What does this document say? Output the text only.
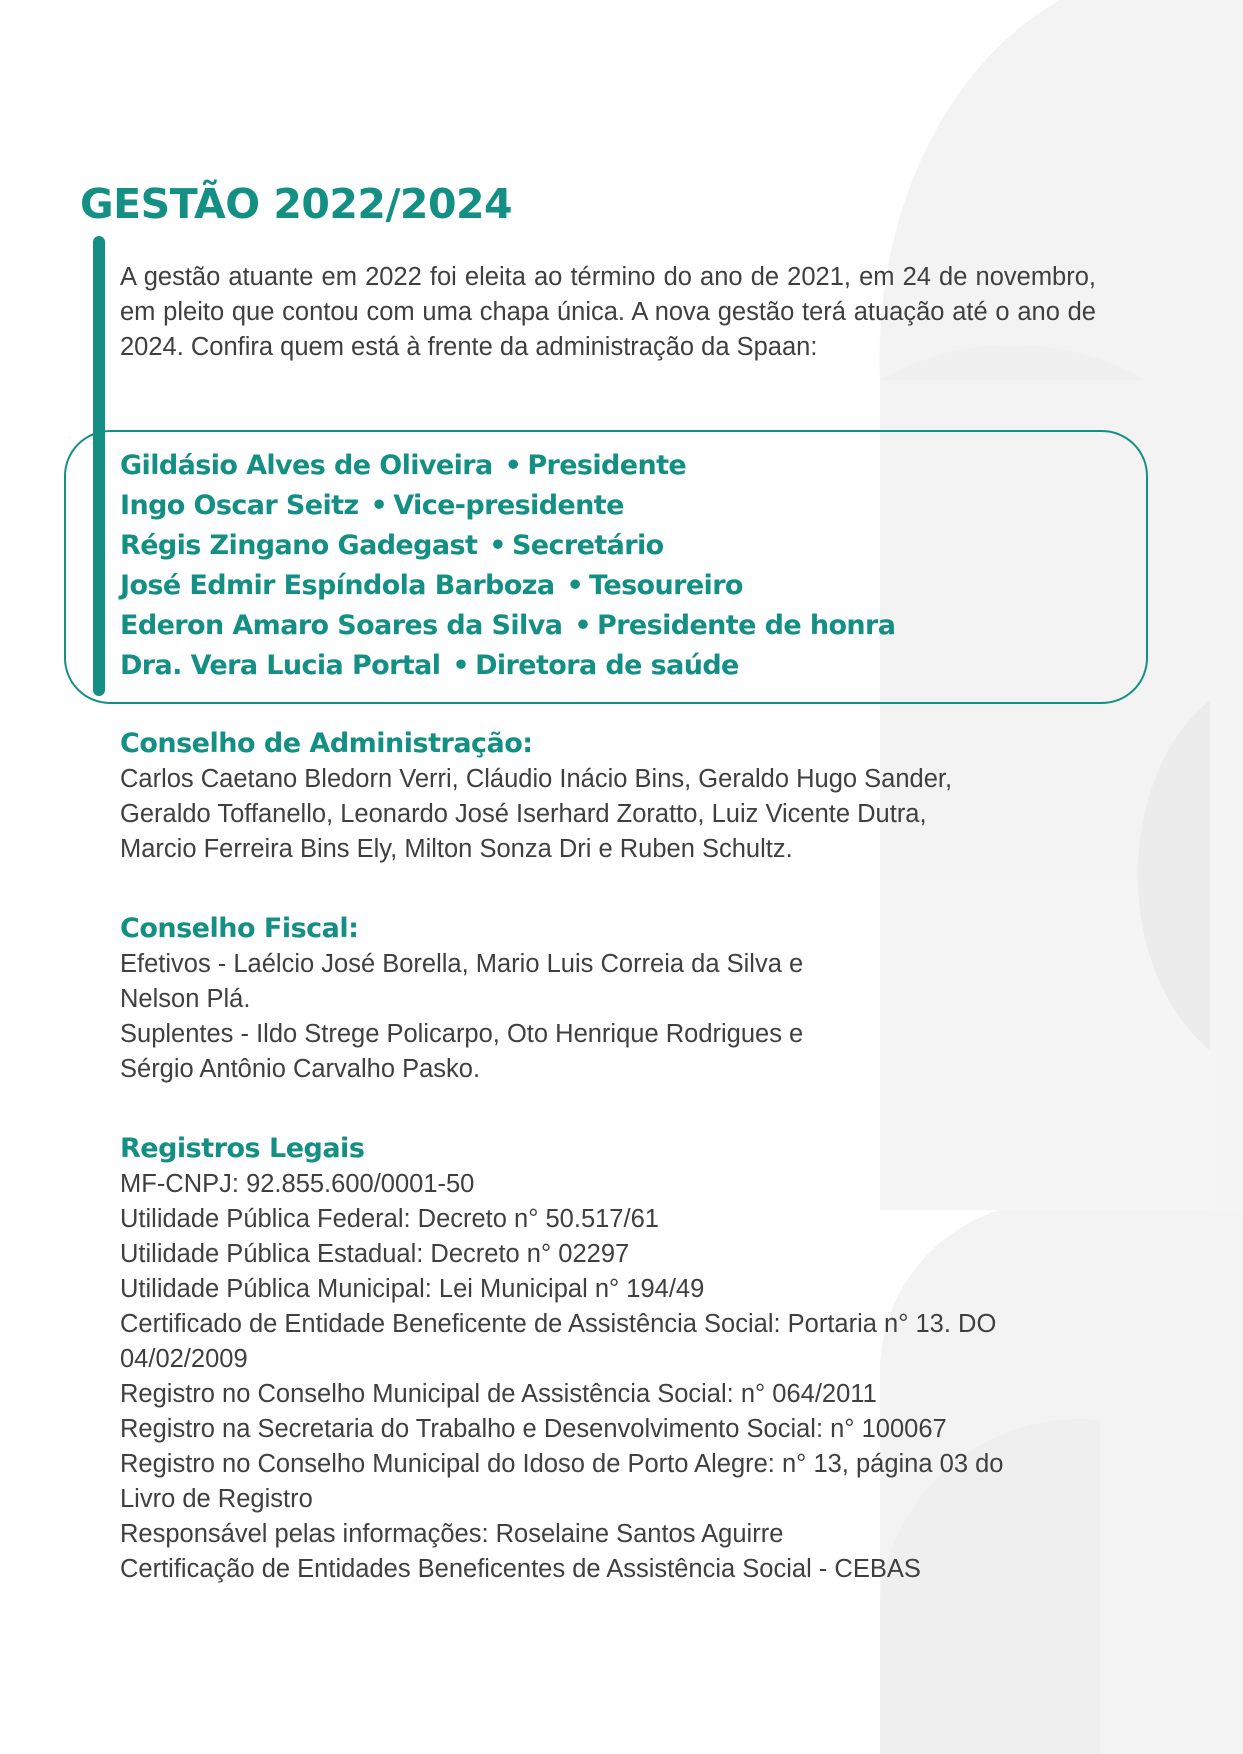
GESTÃO 2022/2024

A gestão atuante em 2022 foi eleita ao término do ano de 2021, em 24 de novembro, em pleito que contou com uma chapa única. A nova gestão terá atuação até o ano de 2024. Confira quem está à frente da administração da Spaan:

Gildásio Alves de Oliveira • Presidente
Ingo Oscar Seitz • Vice-presidente
Régis Zingano Gadegast • Secretário
José Edmir Espíndola Barboza • Tesoureiro
Ederon Amaro Soares da Silva • Presidente de honra
Dra. Vera Lucia Portal • Diretora de saúde
Conselho de Administração:

Carlos Caetano Bledorn Verri, Cláudio Inácio Bins, Geraldo Hugo Sander,
Geraldo Toffanello, Leonardo José Iserhard Zoratto, Luiz Vicente Dutra,
Marcio Ferreira Bins Ely, Milton Sonza Dri e Ruben Schultz.

Conselho Fiscal:

Efetivos - Laélcio José Borella, Mario Luis Correia da Silva e
Nelson Plá.
Suplentes - Ildo Strege Policarpo, Oto Henrique Rodrigues e
Sérgio Antônio Carvalho Pasko.

Registros Legais

MF-CNPJ: 92.855.600/0001-50
Utilidade Pública Federal: Decreto n° 50.517/61
Utilidade Pública Estadual: Decreto n° 02297
Utilidade Pública Municipal: Lei Municipal n° 194/49
Certificado de Entidade Beneficente de Assistência Social: Portaria n° 13. DO
04/02/2009
Registro no Conselho Municipal de Assistência Social: n° 064/2011
Registro na Secretaria do Trabalho e Desenvolvimento Social: n° 100067
Registro no Conselho Municipal do Idoso de Porto Alegre: n° 13, página 03 do
Livro de Registro
Responsável pelas informações: Roselaine Santos Aguirre
Certificação de Entidades Beneficentes de Assistência Social - CEBAS
